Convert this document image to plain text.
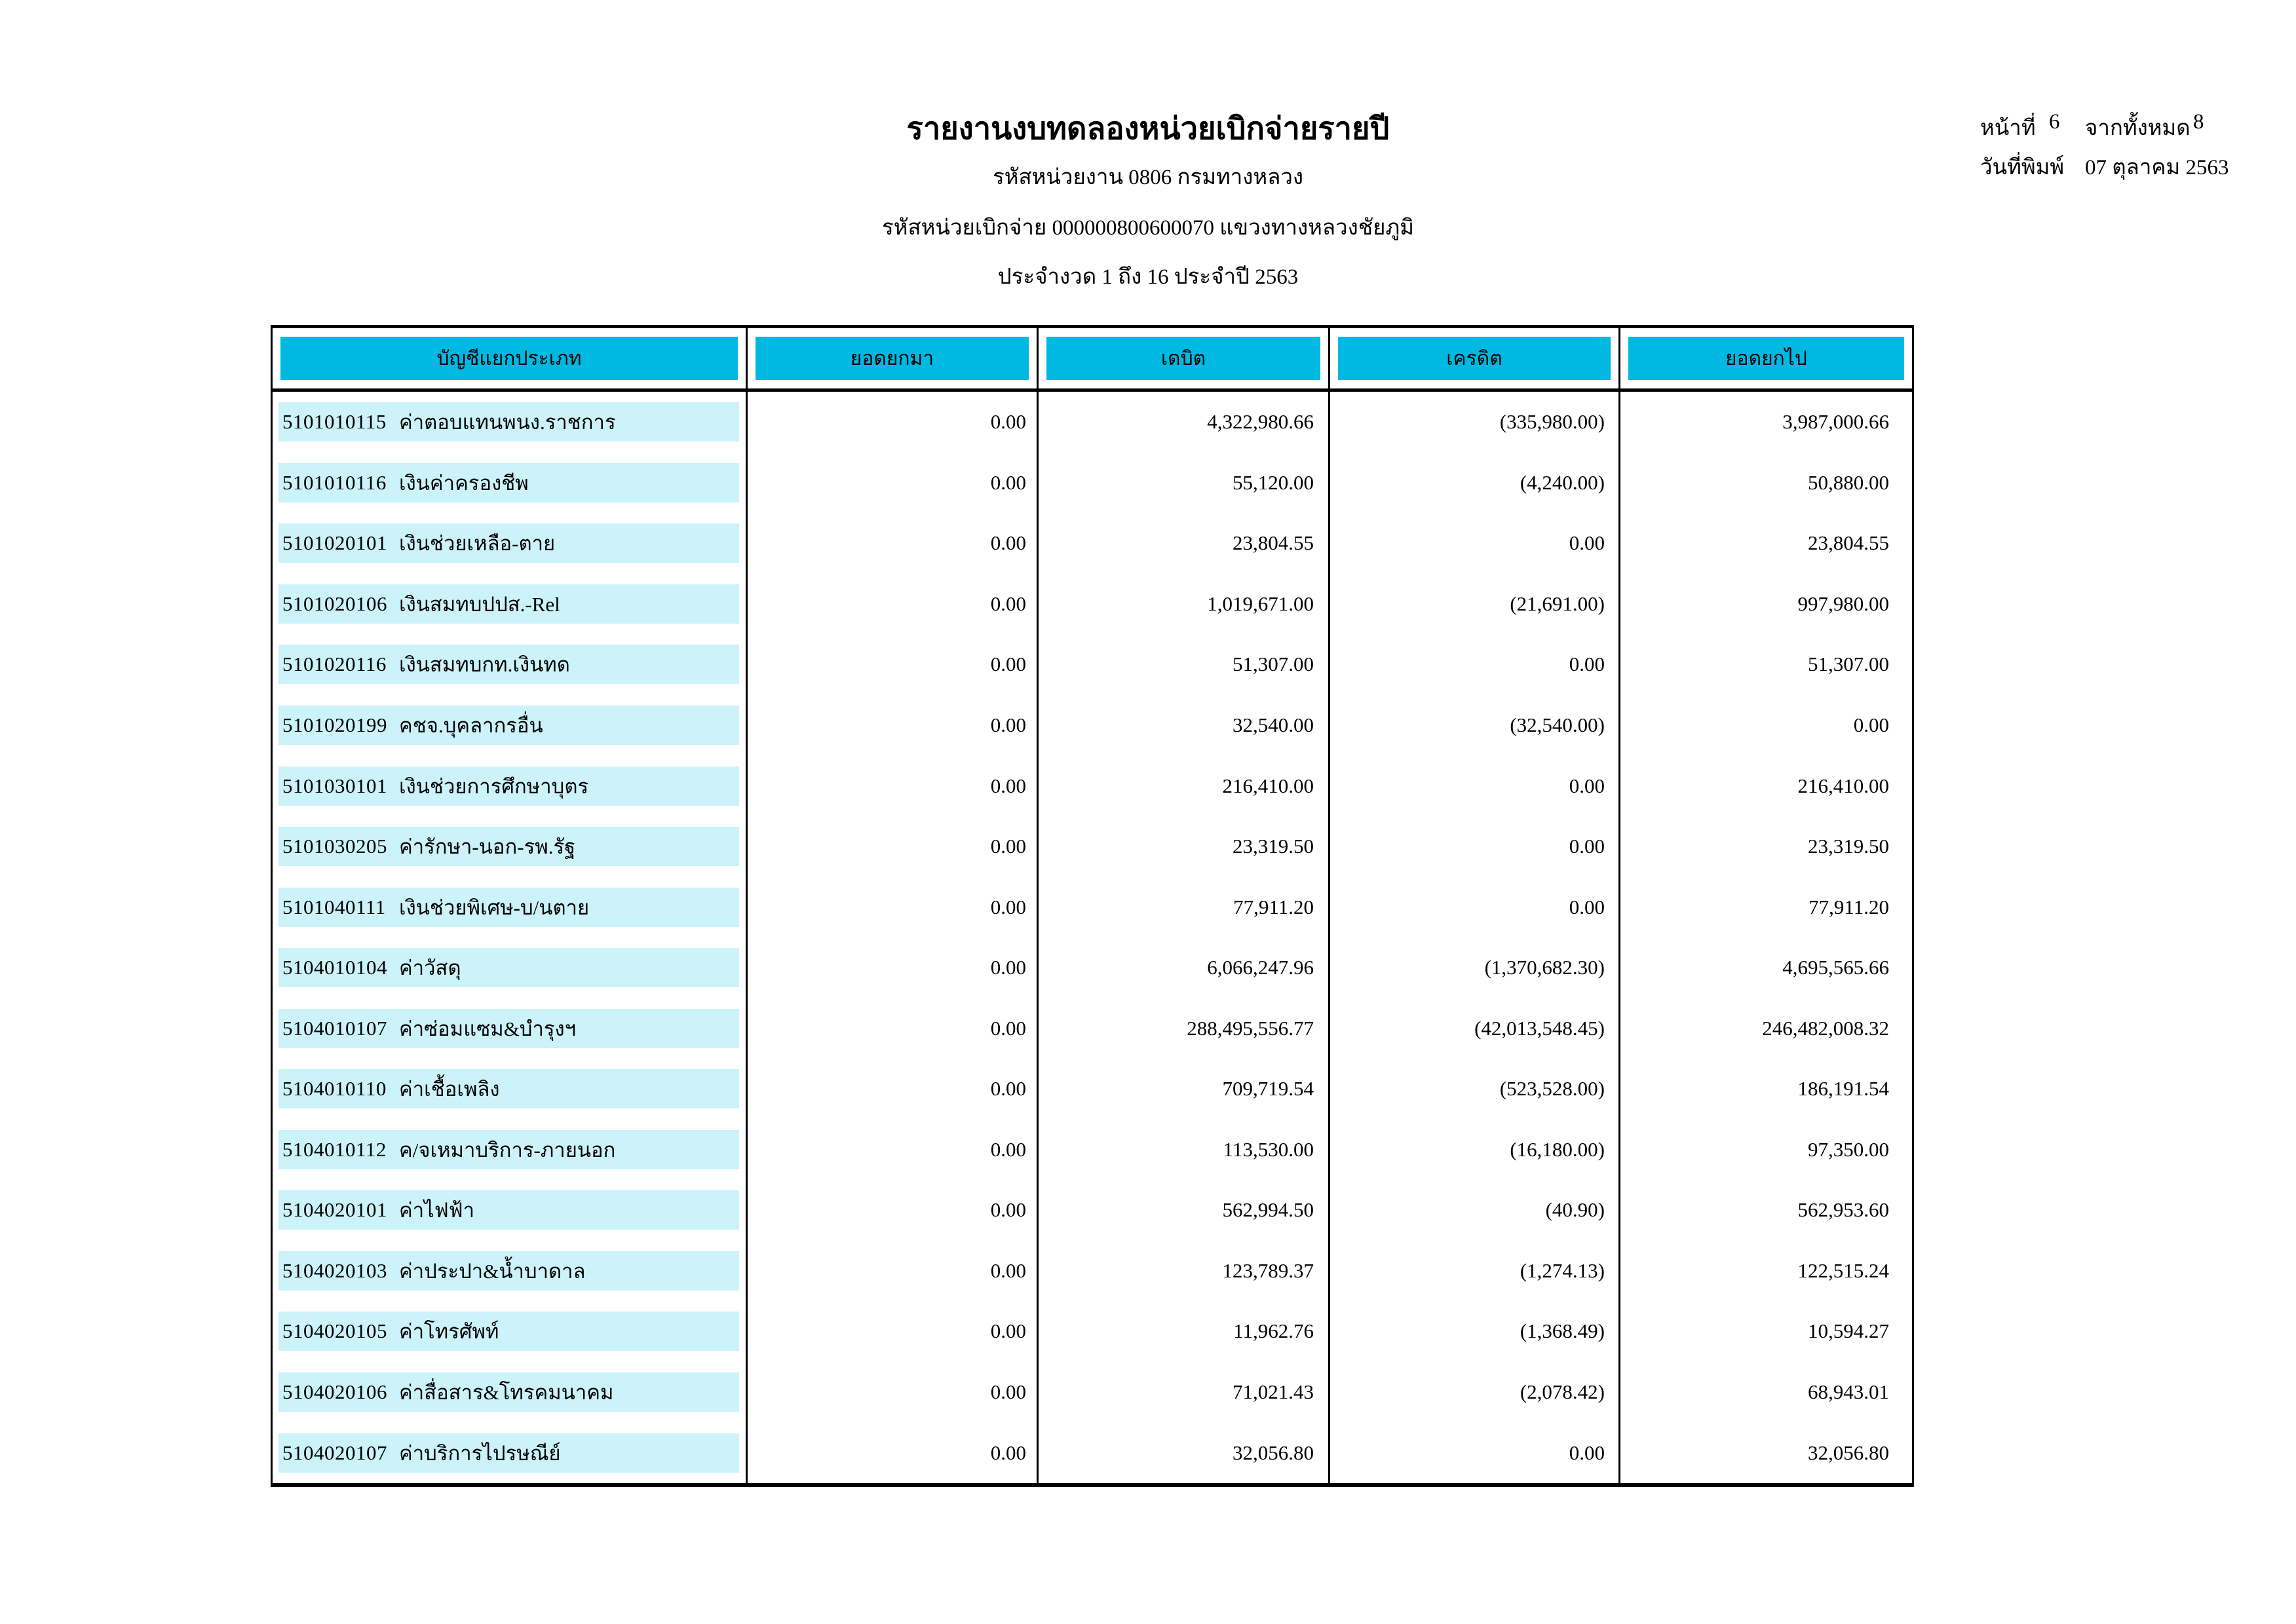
รายงานงบทดลองหน่วยเบิกจ่ายรายปี
รหัสหน่วยงาน 0806 กรมทางหลวง
รหัสหน่วยเบิกจ่าย 000000800600070 แขวงทางหลวงชัยภูมิ
ประจำงวด 1 ถึง 16 ประจำปี 2563
หน้าที่ 6 จากทั้งหมด 8
วันที่พิมพ์ 07 ตุลาคม 2563
บัญชีแยกประเภท	ยอดยกมา	เดบิต	เครดิต	ยอดยกไป
5101010115 ค่าตอบแทนพนง.ราชการ	0.00	4,322,980.66	(335,980.00)	3,987,000.66
5101010116 เงินค่าครองชีพ	0.00	55,120.00	(4,240.00)	50,880.00
5101020101 เงินช่วยเหลือ-ตาย	0.00	23,804.55	0.00	23,804.55
5101020106 เงินสมทบปปส.-Rel	0.00	1,019,671.00	(21,691.00)	997,980.00
5101020116 เงินสมทบกท.เงินทด	0.00	51,307.00	0.00	51,307.00
5101020199 คชจ.บุคลากรอื่น	0.00	32,540.00	(32,540.00)	0.00
5101030101 เงินช่วยการศึกษาบุตร	0.00	216,410.00	0.00	216,410.00
5101030205 ค่ารักษา-นอก-รพ.รัฐ	0.00	23,319.50	0.00	23,319.50
5101040111 เงินช่วยพิเศษ-บ/นตาย	0.00	77,911.20	0.00	77,911.20
5104010104 ค่าวัสดุ	0.00	6,066,247.96	(1,370,682.30)	4,695,565.66
5104010107 ค่าซ่อมแซม&บำรุงฯ	0.00	288,495,556.77	(42,013,548.45)	246,482,008.32
5104010110 ค่าเชื้อเพลิง	0.00	709,719.54	(523,528.00)	186,191.54
5104010112 ค/จเหมาบริการ-ภายนอก	0.00	113,530.00	(16,180.00)	97,350.00
5104020101 ค่าไฟฟ้า	0.00	562,994.50	(40.90)	562,953.60
5104020103 ค่าประปา&น้ำบาดาล	0.00	123,789.37	(1,274.13)	122,515.24
5104020105 ค่าโทรศัพท์	0.00	11,962.76	(1,368.49)	10,594.27
5104020106 ค่าสื่อสาร&โทรคมนาคม	0.00	71,021.43	(2,078.42)	68,943.01
5104020107 ค่าบริการไปรษณีย์	0.00	32,056.80	0.00	32,056.80
